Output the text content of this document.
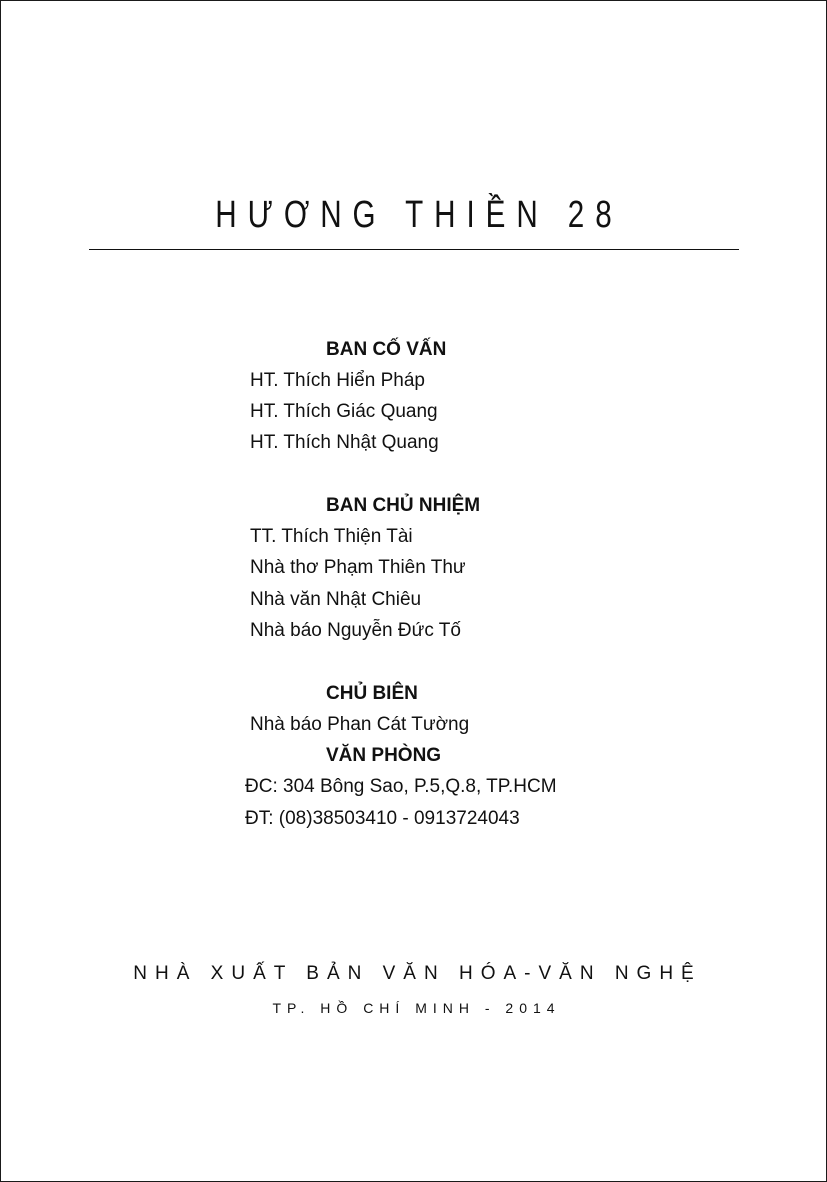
HƯƠNG THIỀN 28
BAN CỐ VẤN
HT. Thích Hiển Pháp
HT. Thích Giác Quang
HT. Thích Nhật Quang
BAN CHỦ NHIỆM
TT. Thích Thiện Tài
Nhà thơ Phạm Thiên Thư
Nhà văn Nhật Chiêu
Nhà báo Nguyễn Đức Tố
CHỦ BIÊN
Nhà báo Phan Cát Tường
VĂN PHÒNG
ĐC: 304 Bông Sao, P.5,Q.8, TP.HCM
ĐT: (08)38503410 - 0913724043
NHÀ XUẤT BẢN VĂN HÓA-VĂN NGHỆ
TP. HỒ CHÍ MINH - 2014
